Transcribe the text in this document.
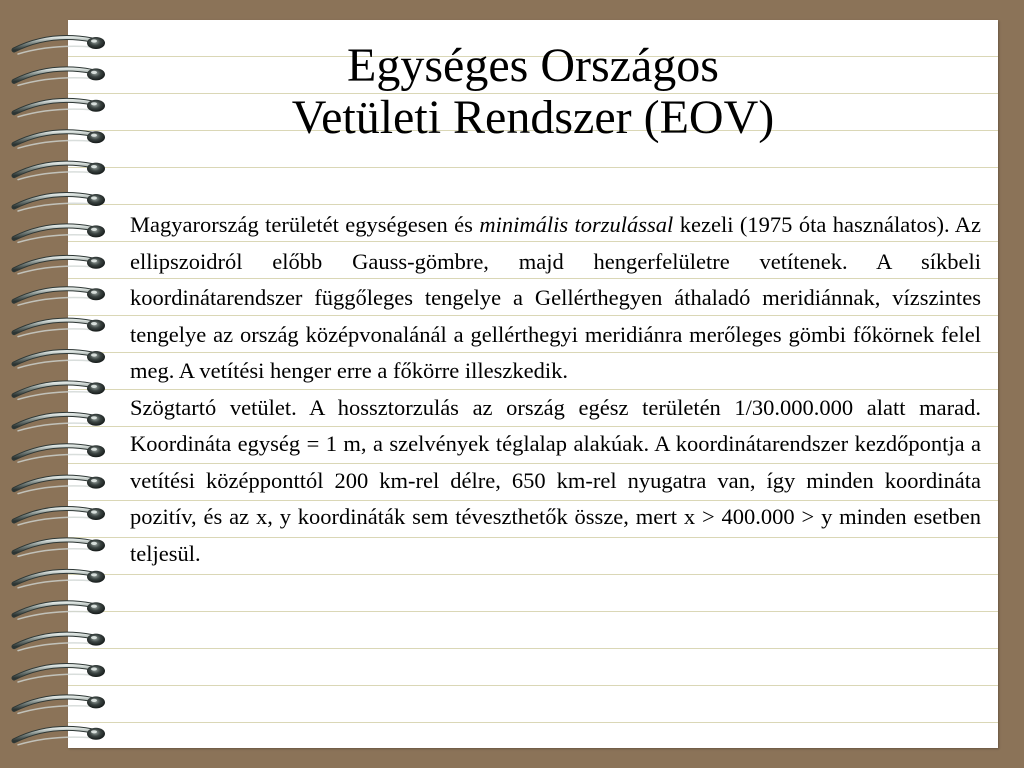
Egységes Országos
Vetületi Rendszer (EOV)

Magyarország területét egységesen és minimális torzulással kezeli (1975 óta használatos). Az ellipszoidról előbb Gauss-gömbre, majd hengerfelületre vetítenek. A síkbeli koordinátarendszer függőleges tengelye a Gellérthegyen áthaladó meridiánnak, vízszintes tengelye az ország középvonalánál a gellérthegyi meridiánra merőleges gömbi főkörnek felel meg. A vetítési henger erre a főkörre illeszkedik.

Szögtartó vetület. A hossztorzulás az ország egész területén 1/30.000.000 alatt marad. Koordináta egység = 1 m, a szelvények téglalap alakúak. A koordinátarendszer kezdőpontja a vetítési középponttól 200 km-rel délre, 650 km-rel nyugatra van, így minden koordináta pozitív, és az x, y koordináták sem téveszthetők össze, mert x > 400.000 > y minden esetben teljesül.
